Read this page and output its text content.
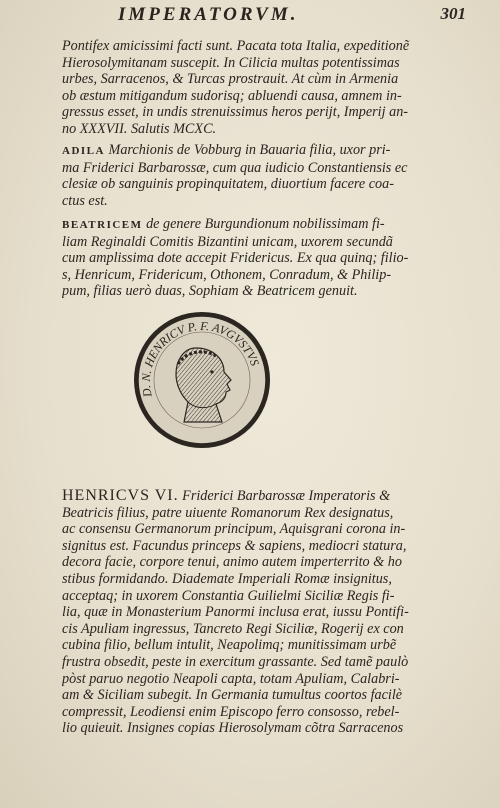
IMPERATORVM.	301
Pontifex amicissimi facti sunt. Pacata tota Italia, expeditionẽ
Hierosolymitanam suscepit. In Cilicia multas potentissimas
urbes, Sarracenos, & Turcas prostrauit. At cùm in Armenia
ob æstum mitigandum sudorisq; abluendi causa, amnem in-
gressus esset, in undis strenuissimus heros perijt, Imperij an-
no XXXVII. Salutis MCXC.
ADILA Marchionis de Vobburg in Bauaria filia, uxor pri-
ma Friderici Barbarossæ, cum qua iudicio Constantiensis ec
clesiæ ob sanguinis propinquitatem, diuortium facere coa-
ctus est.
BEATRICEM de genere Burgundionum nobilissimam fi-
liam Reginaldi Comitis Bizantini unicam, uxorem secundã
cum amplissima dote accepit Fridericus. Ex qua quinq; filio-
s, Henricum, Fridericum, Othonem, Conradum, & Philip-
pum, filias uerò duas, Sophiam & Beatricem genuit.
D. N. HENRICV P. F. AVGVSTVS
HENRICVS VI. Friderici Barbarossæ Imperatoris &
Beatricis filius, patre uiuente Romanorum Rex designatus,
ac consensu Germanorum principum, Aquisgrani corona in-
signitus est. Facundus princeps & sapiens, mediocri statura,
decora facie, corpore tenui, animo autem imperterrito & ho
stibus formidando. Diademate Imperiali Romæ insignitus,
acceptaq; in uxorem Constantia Guilielmi Siciliæ Regis fi-
lia, quæ in Monasterium Panormi inclusa erat, iussu Pontifi-
cis Apuliam ingressus, Tancreto Regi Siciliæ, Rogerij ex con
cubina filio, bellum intulit, Neapolimq; munitissimam urbẽ
frustra obsedit, peste in exercitum grassante. Sed tamẽ paulò
pòst paruo negotio Neapoli capta, totam Apuliam, Calabri-
am & Siciliam subegit. In Germania tumultus coortos facilè
compressit, Leodiensi enim Episcopo ferro consosso, rebel-
lio quieuit. Insignes copias Hierosolymam cõtra Sarracenos
